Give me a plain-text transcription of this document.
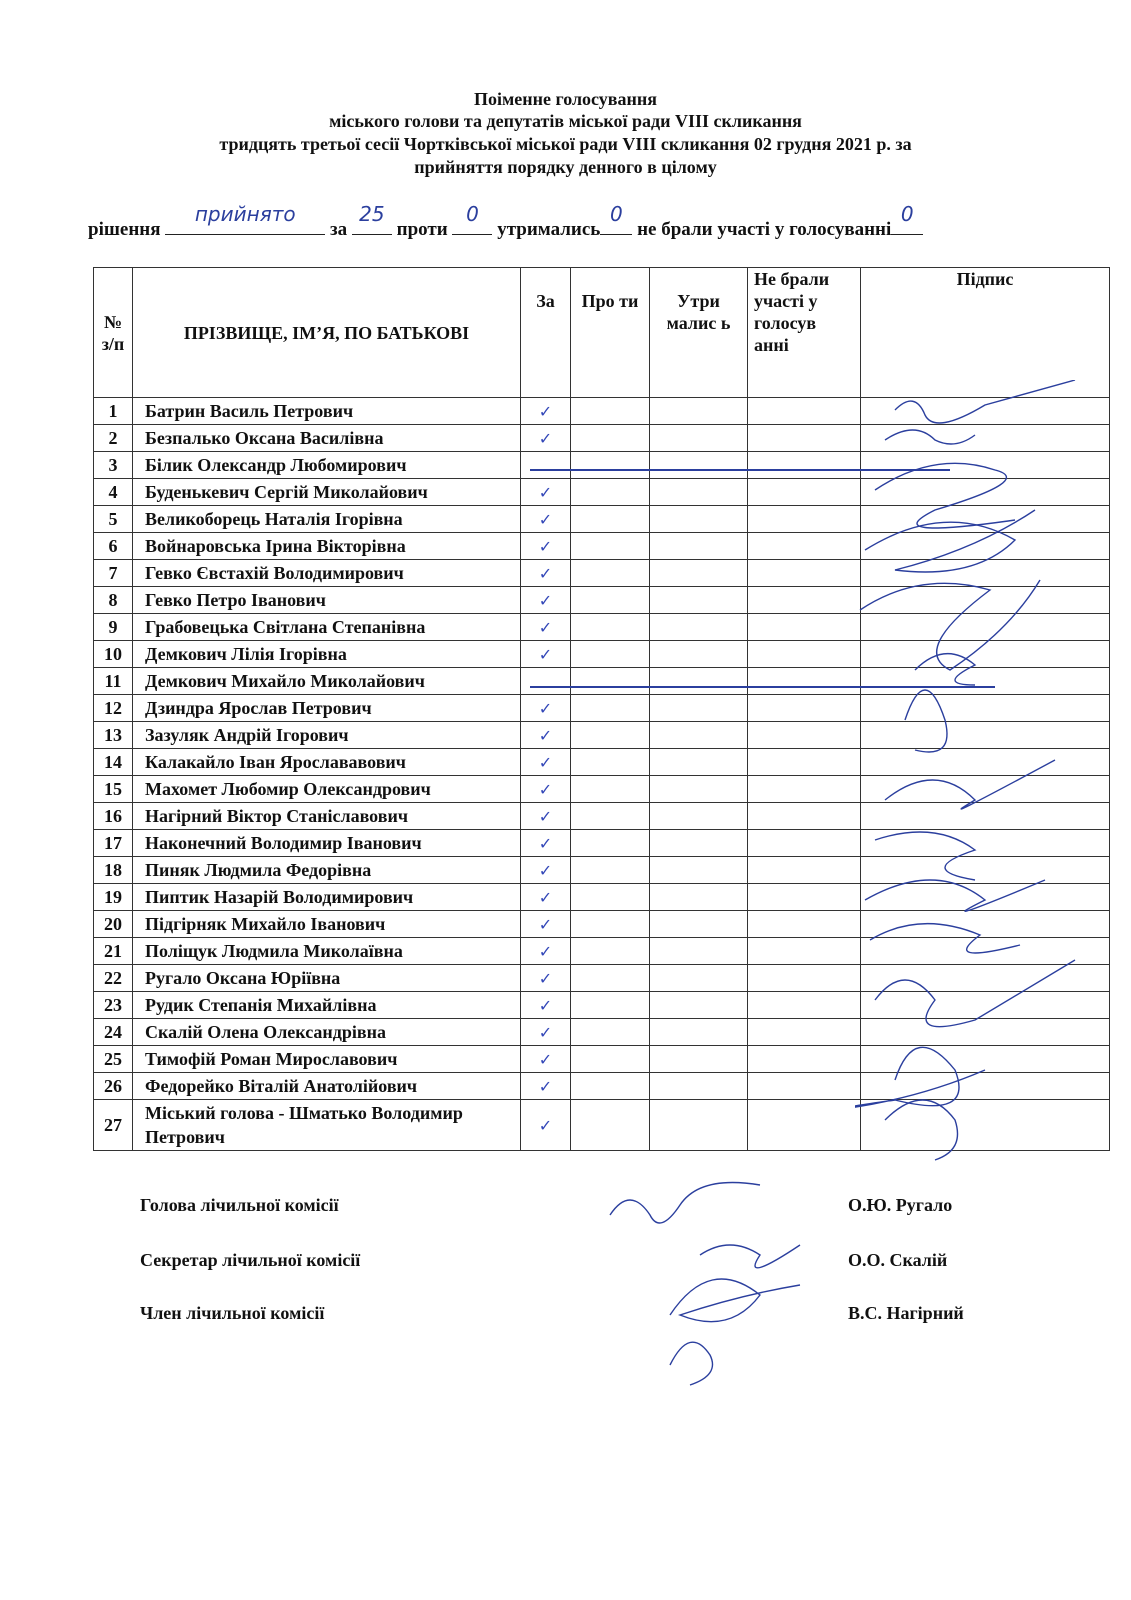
Поіменне голосування
міського голови та депутатів міської ради VIII скликання
тридцять третьої сесії Чортківської міської ради VIII скликання 02 грудня 2021 р. за
прийняття порядку денного в цілому
рішення
прийнято
за
25
проти
0
утримались
0
не брали участі у голосуванні
0
№ з/п	ПРІЗВИЩЕ, ІМ’Я, ПО БАТЬКОВІ	За	Про ти	Утри малис ь	Не брали участі у голосув анні	Підпис
1	Батрин Василь Петрович	✓				
2	Безпалько Оксана Василівна	✓				
3	Білик Олександр Любомирович					
4	Буденькевич Сергій Миколайович	✓				
5	Великоборець Наталія Ігорівна	✓				
6	Войнаровська Ірина Вікторівна	✓				
7	Гевко Євстахій Володимирович	✓				
8	Гевко Петро Іванович	✓				
9	Грабовецька Світлана Степанівна	✓				
10	Демкович Лілія Ігорівна	✓				
11	Демкович Михайло Миколайович					
12	Дзиндра Ярослав Петрович	✓				
13	Зазуляк Андрій Ігорович	✓				
14	Калакайло Іван Ярослававович	✓				
15	Махомет Любомир Олександрович	✓				
16	Нагірний Віктор Станіславович	✓				
17	Наконечний Володимир Іванович	✓				
18	Пиняк Людмила Федорівна	✓				
19	Пиптик Назарій Володимирович	✓				
20	Підгірняк Михайло Іванович	✓				
21	Поліщук Людмила Миколаївна	✓				
22	Ругало Оксана Юріївна	✓				
23	Рудик Степанія Михайлівна	✓				
24	Скалій Олена Олександрівна	✓				
25	Тимофій Роман Мирославович	✓				
26	Федорейко Віталій Анатолійович	✓				
27	Міський голова - Шматько Володимир Петрович	✓				
Голова лічильної комісії	О.Ю. Ругало
Секретар лічильної комісії	О.О. Скалій
Член лічильної комісії	В.С. Нагірний
